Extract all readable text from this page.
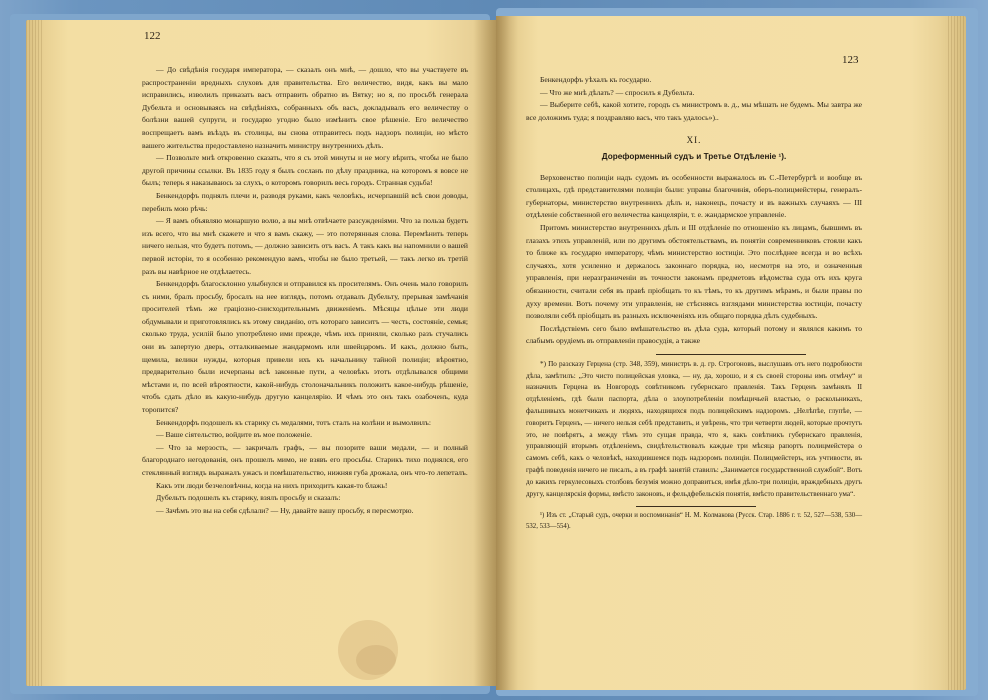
122

— До свѣдѣнія государя императора, — сказалъ онъ мнѣ, — дошло, что вы участвуете въ распространеніи вредныхъ слуховъ для правительства. Его величество, видя, какъ вы мало исправились, изволилъ приказать васъ отправить обратно въ Вятку; но я, по просьбѣ генерала Дубельта и основываясь на свѣдѣніяхъ, собранныхъ объ васъ, докладывалъ его величеству о болѣзни вашей супруги, и государю угодно было измѣнить свое рѣшеніе. Его величество воспрещаетъ вамъ въѣздъ въ столицы, вы снова отправитесь подъ надзоръ полиціи, но мѣсто вашего жительства предоставлено назначить министру внутреннихъ дѣлъ.

— Позвольте мнѣ откровенно сказать, что я съ этой минуты и не могу вѣрить, чтобы не было другой причины ссылки. Въ 1835 году я былъ сосланъ по дѣлу праздника, на которомъ я вовсе не былъ; теперь я наказываюсь за слухъ, о которомъ говорилъ весь городъ. Странная судьба!

Бенкендорфъ поднялъ плечи и, разводя руками, какъ человѣкъ, исчерпавшій всѣ свои доводы, перебилъ мою рѣчь:

— Я вамъ объявляю монаршую волю, а вы мнѣ отвѣчаете разсужденіями. Что за польза будетъ изъ всего, что вы мнѣ скажете и что я вамъ скажу, — это потерянныя слова. Перемѣнить теперь ничего нельзя, что будетъ потомъ, — должно зависить отъ васъ. А такъ какъ вы напомнили о вашей первой исторіи, то я особенно рекомендую вамъ, чтобы не было третьей, — такъ легко въ третій разъ вы навѣрное не отдѣлаетесь.

Бенкендорфъ благосклонно улыбнулся и отправился къ просителямъ. Онъ очень мало говорилъ съ ними, бралъ просьбу, бросалъ на нее взглядъ, потомъ отдавалъ Дубельту, прерывая замѣчанія просителей тѣмъ же граціозно-снисходительнымъ движеніемъ. Мѣсяцы цѣлые эти люди обдумывали и приготовлялись къ этому свиданію, отъ котораго зависитъ — честь, состояніе, семья; сколько труда, усилій было употреблено ими прежде, чѣмъ ихъ приняли, сколько разъ стучались они въ запертую дверь, отталкиваемые жандармомъ или швейцаромъ. И какъ, должно быть, щемила, велики нужды, которыя привели ихъ къ начальнику тайной полиціи; вѣроятно, предварительно были исчерпаны всѣ законные пути, а человѣкъ этотъ отдѣлывался общими мѣстами и, по всей вѣроятности, какой-нибудь столоначальникъ положитъ какое-нибудь рѣшеніе, чтобъ сдать дѣло въ какую-нибудь другую канцелярію. И чѣмъ это онъ такъ озабоченъ, куда торопится?

Бенкендорфъ подошелъ къ старику съ медалями, тотъ сталъ на колѣни и вымолвилъ:

— Ваше сіятельство, войдите въ мое положеніе.

— Что за мерзость, — закричалъ графъ, — вы позорите ваши медали, — и полный благороднаго негодованія, онъ прошелъ мимо, не взявъ его просьбы. Старикъ тихо поднялся, его стеклянный взглядъ выражалъ ужасъ и помѣшательство, нижняя губа дрожала, онъ что-то лепеталъ.

Какъ эти люди безчеловѣчны, когда на нихъ приходитъ какая-то блажь!

Дубельтъ подошелъ къ старику, взялъ просьбу и сказалъ:

— Зачѣмъ это вы на себя сдѣлали? — Ну, давайте вашу просьбу, я пересмотрю.

123

Бенкендорфъ уѣхалъ къ государю.

— Что же мнѣ дѣлать? — спросилъ я Дубельта.

— Выберите себѣ, какой хотите, городъ съ министромъ в. д., мы мѣшать не будемъ. Мы завтра же все доложимъ туда; я поздравляю васъ, что такъ удалось»)..

XI.
Дореформенный судъ и Третье Отдѣленіе ¹).

Верховенство полиціи надъ судомъ въ особенности выражалось въ С.-Петербургѣ и вообще въ столицахъ, гдѣ представителями полиціи были: управы благочинія, оберъ-полицмейстеры, генералъ-губернаторы, министерство внутреннихъ дѣлъ и, наконецъ, почасту и въ важныхъ случаяхъ — III отдѣленіе собственной его величества канцеляріи, т. е. жандармское управленіе.

Притомъ министерство внутреннихъ дѣлъ и III отдѣленіе по отношенію къ лицамъ, бывшимъ въ глазахъ этихъ управленій, или по другимъ обстоятельствамъ, въ понятіи современниковъ стояли какъ то ближе къ государю императору, чѣмъ министерство юстиціи. Это послѣднее всегда и во всѣхъ случаяхъ, хотя усиленно и держалось законнаго порядка, но, несмотря на это, и означенныя управленія, при неразграниченіи въ точности законамъ предметовъ вѣдомства суда отъ ихъ круга обязанности, считали себя въ правѣ пріобщать то къ тѣмъ, то къ другимъ мѣрамъ, и были правы по духу времени. Вотъ почему эти управленія, не стѣсняясь взглядами министерства юстиціи, почасту позволяли себѣ пріобщать въ разныхъ исключеніяхъ изъ общаго порядка дѣлъ судебныхъ.

Послѣдствіемъ сего было вмѣшательство въ дѣла суда, который потому и являлся какимъ то слабымъ орудіемъ въ отправленіи правосудія, а также

*) По разсказу Герцена (стр. 348, 359), министръ в. д. гр. Строгоновъ, выслушавъ отъ него подробности дѣла, замѣтилъ: „Это чисто полицейская уловка, — ну, да, хорошо, и я съ своей стороны имъ отмѣчу“ и назначилъ Герцена въ Новгородъ совѣтникомъ губернскаго правленія. Такъ Герценъ замѣнялъ II отдѣленіемъ, гдѣ были паспорта, дѣла о злоупотребленіи помѣщичьей властью, о раскольникахъ, фальшивыхъ монетчикахъ и людяхъ, находящихся подъ полицейскимъ надзоромъ. „Нелѣпѣе, глупѣе, — говоритъ Герценъ, — ничего нельзя себѣ представить, и увѣрень, что три четверти людей, которые прочтутъ это, не повѣрятъ, а между тѣмъ это сущая правда, что я, какъ совѣтникъ губернскаго правленія, управляющій вторымъ отдѣленіемъ, свидѣтельствовалъ каждые три мѣсяца рапортъ полицмейстера о самомъ себѣ, какъ о человѣкѣ, находившемся подъ надзоромъ полиціи. Полицмейстеръ, изъ учтивости, въ графѣ поведенія ничего не писалъ, а въ графѣ занятій ставилъ: „Занимается государственной службой“. Вотъ до какихъ геркулесовыхъ столбовъ безумія можно доправиться, имѣя дѣло-три полиціи, враждебныхъ другъ другу, канцелярскія формы, вмѣсто законовъ, и фельдфебельскія понятія, вмѣсто правительственнаго ума“.

¹) Изъ ст. „Старый судъ, очерки и воспоминанія“ Н. М. Колмакова (Русск. Стар. 1886 г. т. 52, 527—538, 530—532, 533—554).
